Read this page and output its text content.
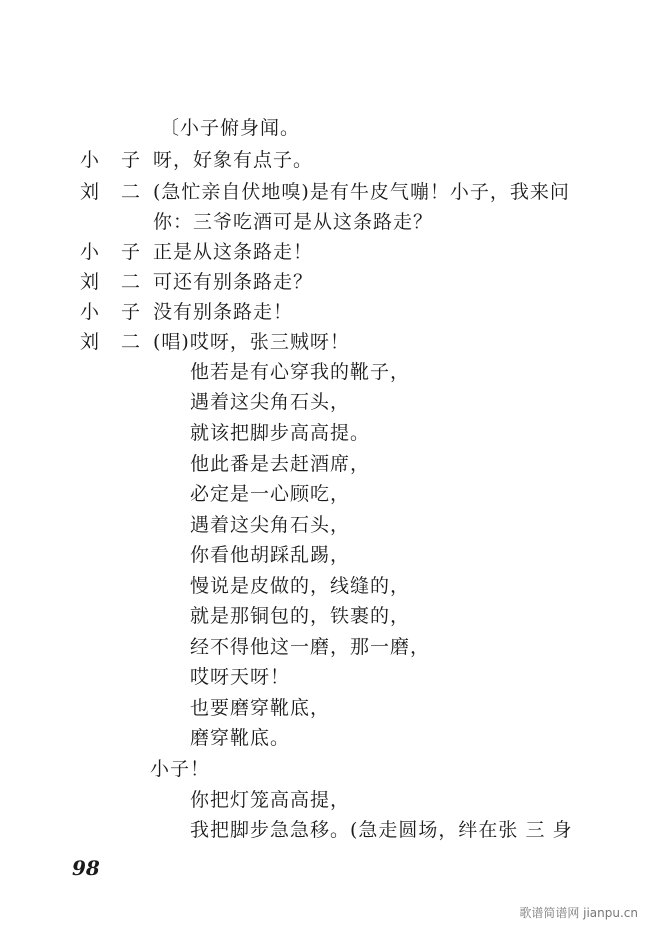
〔小子俯身闻。
小子
呀，好象有点子。
刘二
(急忙亲自伏地嗅)是有牛皮气嘣！小子，我来问
你：三爷吃酒可是从这条路走？
小子
正是从这条路走！
刘二
可还有别条路走？
小子
没有别条路走！
刘二
(唱)哎呀，张三贼呀！
他若是有心穿我的靴子，
遇着这尖角石头，
就该把脚步高高提。
他此番是去赶酒席，
必定是一心顾吃，
遇着这尖角石头，
你看他胡踩乱踢，
慢说是皮做的，线缝的，
就是那铜包的，铁裹的，
经不得他这一磨，那一磨，
哎呀天呀！
也要磨穿靴底，
磨穿靴底。
小子！
你把灯笼高高提，
我把脚步急急移。(急走圆场，绊在张 三 身
98
歌谱简谱网 jianpu.cn
